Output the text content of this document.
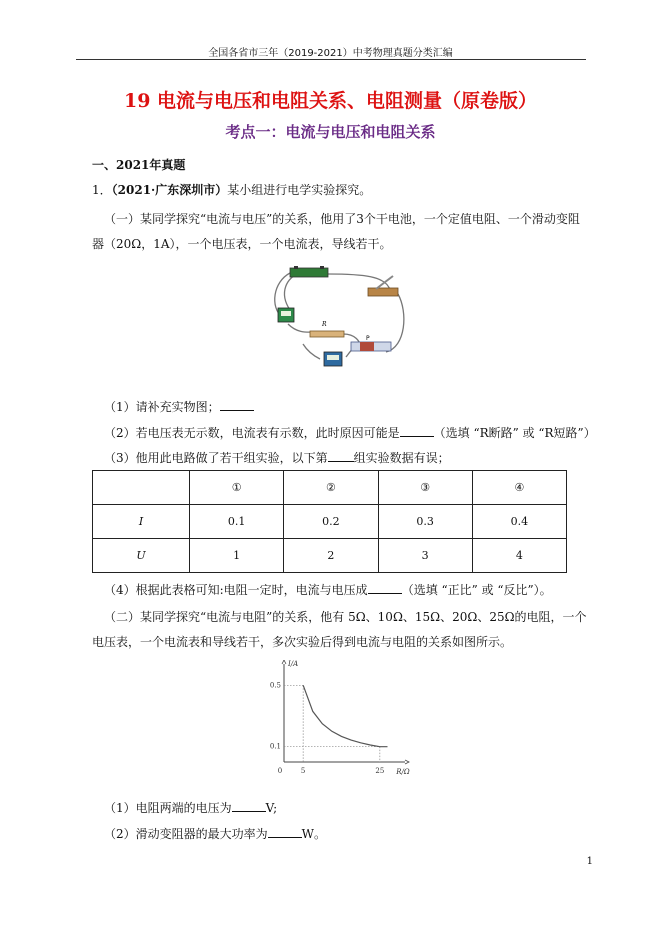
全国各省市三年（2019-2021）中考物理真题分类汇编
19 电流与电压和电阻关系、电阻测量（原卷版）
考点一：电流与电压和电阻关系
一、2021年真题
1．（2021·广东深圳市）某小组进行电学实验探究。
（一）某同学探究“电流与电压”的关系，他用了3个干电池，一个定值电阻、一个滑动变阻
器（20Ω，1A），一个电压表，一个电流表，导线若干。
R
P
（1）请补充实物图；
（2）若电压表无示数，电流表有示数，此时原因可能是	（选填 “R断路” 或 “R短路”）
（3）他用此电路做了若干组实验，以下第 组实验数据有误；
	①	②	③	④
I	0.1	0.2	0.3	0.4
U	1	2	3	4
（4）根据此表格可知:电阻一定时，电流与电压成	（选填 “正比” 或 “反比”）。
（二）某同学探究“电流与电阻”的关系，他有 5Ω、10Ω、15Ω、20Ω、25Ω的电阻，一个
电压表，一个电流表和导线若干，多次实验后得到电流与电阻的关系如图所示。
I/A
R/Ω
0.5
0.1
0	5	25
（1）电阻两端的电压为	V;
（2）滑动变阻器的最大功率为	W。
1
